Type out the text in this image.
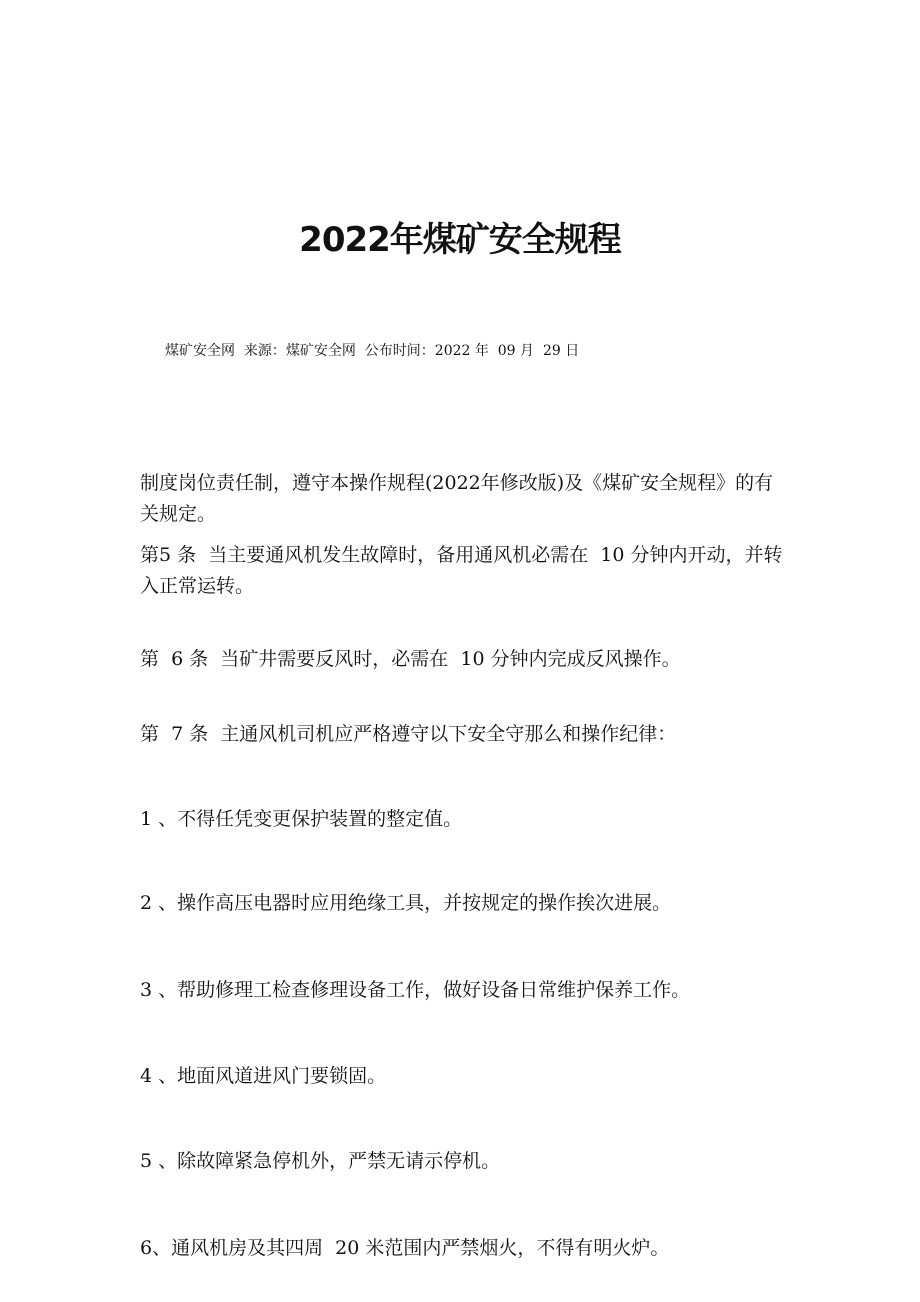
2022年煤矿安全规程

煤矿安全网  来源：煤矿安全网  公布时间：2022 年  09 月  29 日

制度岗位责任制，遵守本操作规程(2022年修改版)及《煤矿安全规程》的有关规定。

第5 条  当主要通风机发生故障时，备用通风机必需在  10 分钟内开动，并转入正常运转。

第  6 条  当矿井需要反风时，必需在  10 分钟内完成反风操作。

第  7 条  主通风机司机应严格遵守以下安全守那么和操作纪律：

1 、不得任凭变更保护装置的整定值。

2 、操作高压电器时应用绝缘工具，并按规定的操作挨次进展。

3 、帮助修理工检查修理设备工作，做好设备日常维护保养工作。

4 、地面风道进风门要锁固。

5 、除故障紧急停机外，严禁无请示停机。

6、通风机房及其四周  20 米范围内严禁烟火，不得有明火炉。
